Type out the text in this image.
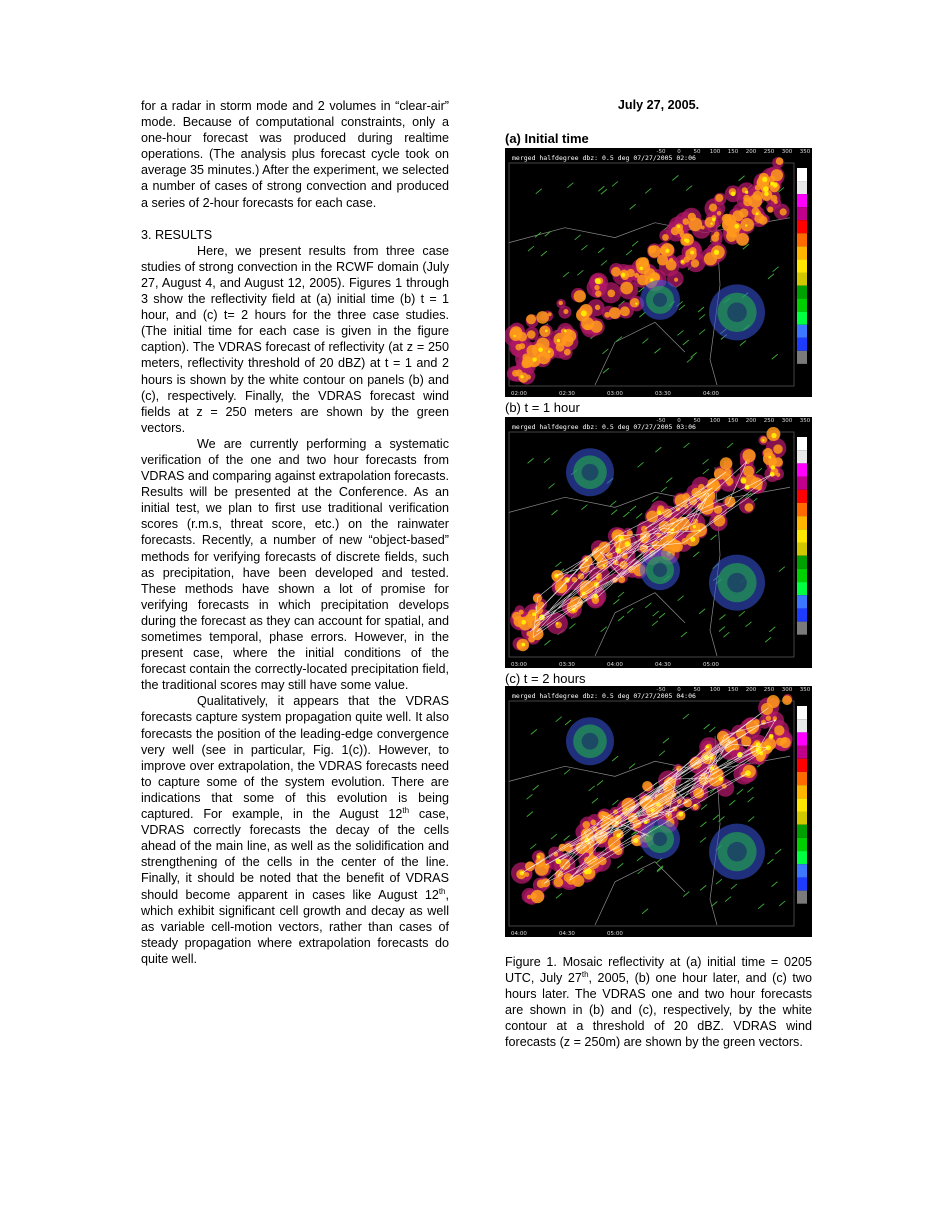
for a radar in storm mode and 2 volumes in “clear-air” mode. Because of computational constraints, only a one-hour forecast was produced during realtime operations. (The analysis plus forecast cycle took on average 35 minutes.) After the experiment, we selected a number of cases of strong convection and produced a series of 2-hour forecasts for each case.

3. RESULTS

Here, we present results from three case studies of strong convection in the RCWF domain (July 27, August 4, and August 12, 2005). Figures 1 through 3 show the reflectivity field at (a) initial time (b) t = 1 hour, and (c) t= 2 hours for the three case studies. (The initial time for each case is given in the figure caption). The VDRAS forecast of reflectivity (at z = 250 meters, reflectivity threshold of 20 dBZ) at t = 1 and 2 hours is shown by the white contour on panels (b) and (c), respectively. Finally, the VDRAS forecast wind fields at z = 250 meters are shown by the green vectors.

We are currently performing a systematic verification of the one and two hour forecasts from VDRAS and comparing against extrapolation forecasts. Results will be presented at the Conference. As an initial test, we plan to first use traditional verification scores (r.m.s, threat score, etc.) on the rainwater forecasts. Recently, a number of new “object-based” methods for verifying forecasts of discrete fields, such as precipitation, have been developed and tested. These methods have shown a lot of promise for verifying forecasts in which precipitation develops during the forecast as they can account for spatial, and sometimes temporal, phase errors. However, in the present case, where the initial conditions of the forecast contain the correctly-located precipitation field, the traditional scores may still have some value.

Qualitatively, it appears that the VDRAS forecasts capture system propagation quite well. It also forecasts the position of the leading-edge convergence very well (see in particular, Fig. 1(c)). However, to improve over extrapolation, the VDRAS forecasts need to capture some of the system evolution. There are indications that some of this evolution is being captured. For example, in the August 12th case, VDRAS correctly forecasts the decay of the cells ahead of the main line, as well as the solidification and strengthening of the cells in the center of the line. Finally, it should be noted that the benefit of VDRAS should become apparent in cases like August 12th, which exhibit significant cell growth and decay as well as variable cell-motion vectors, rather than cases of steady propagation where extrapolation forecasts do quite well.

July 27, 2005.
(a) Initial time
merged halfdegree dbz: 0.5 deg 07/27/2005 02:06
-50 0 50 100 150 200 250 300 350
02:00	02:30	03:00	03:30	04:00
(b) t = 1 hour
merged halfdegree dbz: 0.5 deg 07/27/2005 03:06
-50 0 50 100 150 200 250 300 350
03:00	03:30	04:00	04:30	05:00
(c) t = 2 hours
merged halfdegree dbz: 0.5 deg 07/27/2005 04:06
-50 0 50 100 150 200 250 300 350
04:00	04:30	05:00
Figure 1. Mosaic reflectivity at (a) initial time = 0205 UTC, July 27th, 2005, (b) one hour later, and (c) two hours later. The VDRAS one and two hour forecasts are shown in (b) and (c), respectively, by the white contour at a threshold of 20 dBZ. VDRAS wind forecasts (z = 250m) are shown by the green vectors.
